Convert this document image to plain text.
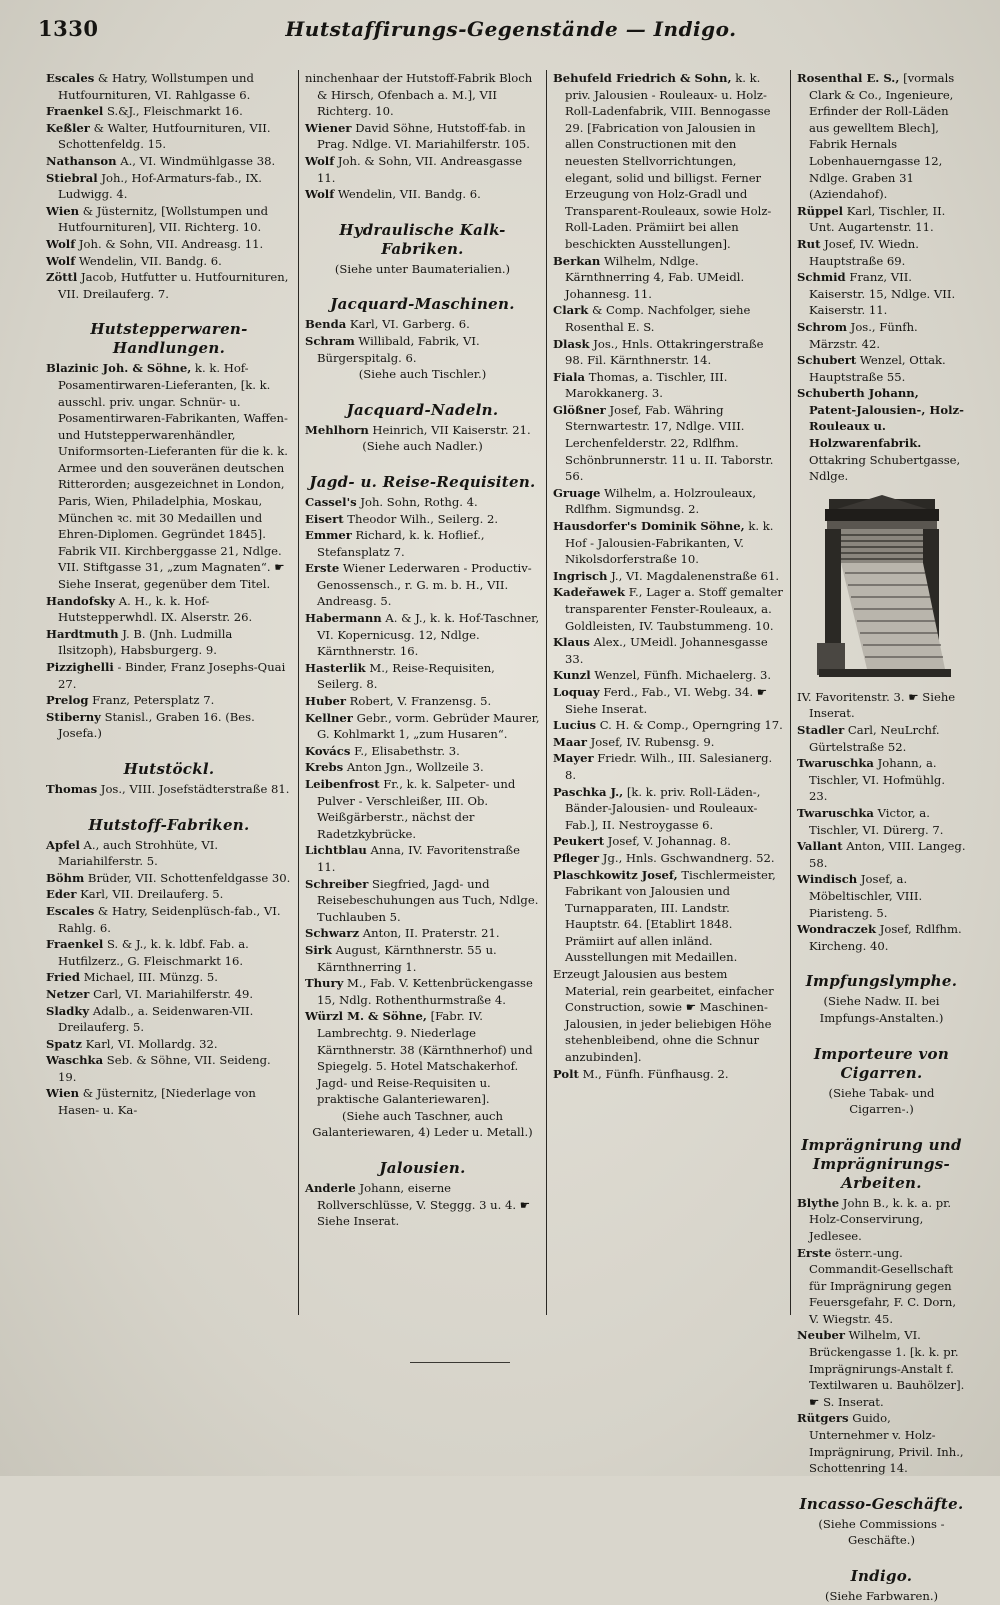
1330	Hutstaffirungs-Gegenstände — Indigo.

Escales & Hatry, Wollstumpen und Hutfournituren, VI. Rahlgasse 6.

Fraenkel S.&J., Fleischmarkt 16.

Keßler & Walter, Hutfournituren, VII. Schottenfeldg. 15.

Nathanson A., VI. Windmühlgasse 38.

Stiebral Joh., Hof-Armaturs-fab., IX. Ludwigg. 4.

Wien & Jüsternitz, [Wollstumpen und Hutfournituren], VII. Richterg. 10.

Wolf Joh. & Sohn, VII. Andreasg. 11.

Wolf Wendelin, VII. Bandg. 6.

Zöttl Jacob, Hutfutter u. Hutfournituren, VII. Dreilauferg. 7.

Hutstepperwaren-Handlungen.

Blazinic Joh. & Söhne, k. k. Hof-Posamentirwaren-Lieferanten, [k. k. ausschl. priv. ungar. Schnür- u. Posamentirwaren-Fabrikanten, Waffen- und Hutstepperwarenhändler, Uniformsorten-Lieferanten für die k. k. Armee und den souveränen deutschen Ritterorden; ausgezeichnet in London, Paris, Wien, Philadelphia, Moskau, München ꝛc. mit 30 Medaillen und Ehren-Diplomen. Gegründet 1845]. Fabrik VII. Kirchberggasse 21, Ndlge. VII. Stiftgasse 31, „zum Magnaten“. ☛ Siehe Inserat, gegenüber dem Titel.

Handofsky A. H., k. k. Hof-Hutstepperwhdl. IX. Alserstr. 26.

Hardtmuth J. B. (Jnh. Ludmilla Ilsitzoph), Habsburgerg. 9.

Pizzighelli - Binder, Franz Josephs-Quai 27.

Prelog Franz, Petersplatz 7.

Stiberny Stanisl., Graben 16. (Bes. Josefa.)

Hutstöckl.

Thomas Jos., VIII. Josefstädterstraße 81.

Hutstoff-Fabriken.

Apfel A., auch Strohhüte, VI. Mariahilferstr. 5.

Böhm Brüder, VII. Schottenfeldgasse 30.

Eder Karl, VII. Dreilauferg. 5.

Escales & Hatry, Seidenplüsch-fab., VI. Rahlg. 6.

Fraenkel S. & J., k. k. ldbf. Fab. a. Hutfilzerz., G. Fleischmarkt 16.

Fried Michael, III. Münzg. 5.

Netzer Carl, VI. Mariahilferstr. 49.

Sladky Adalb., a. Seidenwaren-VII. Dreilauferg. 5.

Spatz Karl, VI. Mollardg. 32.

Waschka Seb. & Söhne, VII. Seideng. 19.

Wien & Jüsternitz, [Niederlage von Hasen- u. Ka-

ninchenhaar der Hutstoff-Fabrik Bloch & Hirsch, Ofenbach a. M.], VII Richterg. 10.

Wiener David Söhne, Hutstoff-fab. in Prag. Ndlge. VI. Mariahilferstr. 105.

Wolf Joh. & Sohn, VII. Andreasgasse 11.

Wolf Wendelin, VII. Bandg. 6.

Hydraulische Kalk-Fabriken.
(Siehe unter Baumaterialien.)
Jacquard-Maschinen.

Benda Karl, VI. Garberg. 6.

Schram Willibald, Fabrik, VI. Bürgerspitalg. 6.

(Siehe auch Tischler.)
Jacquard-Nadeln.

Mehlhorn Heinrich, VII Kaiserstr. 21.

(Siehe auch Nadler.)
Jagd- u. Reise-Requisiten.

Cassel's Joh. Sohn, Rothg. 4.

Eisert Theodor Wilh., Seilerg. 2.

Emmer Richard, k. k. Hoflief., Stefansplatz 7.

Erste Wiener Lederwaren - Productiv-Genossensch., r. G. m. b. H., VII. Andreasg. 5.

Habermann A. & J., k. k. Hof-Taschner, VI. Kopernicusg. 12, Ndlge. Kärnthnerstr. 16.

Hasterlik M., Reise-Requisiten, Seilerg. 8.

Huber Robert, V. Franzensg. 5.

Kellner Gebr., vorm. Gebrüder Maurer, G. Kohlmarkt 1, „zum Husaren“.

Kovács F., Elisabethstr. 3.

Krebs Anton Jgn., Wollzeile 3.

Leibenfrost Fr., k. k. Salpeter- und Pulver - Verschleißer, III. Ob. Weißgärberstr., nächst der Radetzkybrücke.

Lichtblau Anna, IV. Favoritenstraße 11.

Schreiber Siegfried, Jagd- und Reisebeschuhungen aus Tuch, Ndlge. Tuchlauben 5.

Schwarz Anton, II. Praterstr. 21.

Sirk August, Kärnthnerstr. 55 u. Kärnthnerring 1.

Thury M., Fab. V. Kettenbrückengasse 15, Ndlg. Rothenthurmstraße 4.

Würzl M. & Söhne, [Fabr. IV. Lambrechtg. 9. Niederlage Kärnthnerstr. 38 (Kärnthnerhof) und Spiegelg. 5. Hotel Matschakerhof. Jagd- und Reise-Requisiten u. praktische Galanteriewaren].

(Siehe auch Taschner, auch Galanteriewaren, 4) Leder u. Metall.)
Jalousien.

Anderle Johann, eiserne Rollverschlüsse, V. Steggg. 3 u. 4. ☛ Siehe Inserat.

Behufeld Friedrich & Sohn, k. k. priv. Jalousien - Rouleaux- u. Holz-Roll-Ladenfabrik, VIII. Bennogasse 29. [Fabrication von Jalousien in allen Constructionen mit den neuesten Stellvorrichtungen, elegant, solid und billigst. Ferner Erzeugung von Holz-Gradl und Transparent-Rouleaux, sowie Holz-Roll-Laden. Prämiirt bei allen beschickten Ausstellungen].

Berkan Wilhelm, Ndlge. Kärnthnerring 4, Fab. UMeidl. Johannesg. 11.

Clark & Comp. Nachfolger, siehe Rosenthal E. S.

Dlask Jos., Hnls. Ottakringerstraße 98. Fil. Kärnthnerstr. 14.

Fiala Thomas, a. Tischler, III. Marokkanerg. 3.

Glößner Josef, Fab. Währing Sternwartestr. 17, Ndlge. VIII. Lerchenfelderstr. 22, Rdlfhm. Schönbrunnerstr. 11 u. II. Taborstr. 56.

Gruage Wilhelm, a. Holzrouleaux, Rdlfhm. Sigmundsg. 2.

Hausdorfer's Dominik Söhne, k. k. Hof - Jalousien-Fabrikanten, V. Nikolsdorferstraße 10.

Ingrisch J., VI. Magdalenenstraße 61.

Kadeřawek F., Lager a. Stoff gemalter transparenter Fenster-Rouleaux, a. Goldleisten, IV. Taubstummeng. 10.

Klaus Alex., UMeidl. Johannesgasse 33.

Kunzl Wenzel, Fünfh. Michaelerg. 3.

Loquay Ferd., Fab., VI. Webg. 34. ☛ Siehe Inserat.

Lucius C. H. & Comp., Operngring 17.

Maar Josef, IV. Rubensg. 9.

Mayer Friedr. Wilh., III. Salesianerg. 8.

Paschka J., [k. k. priv. Roll-Läden-, Bänder-Jalousien- und Rouleaux-Fab.], II. Nestroygasse 6.

Peukert Josef, V. Johannag. 8.

Pfleger Jg., Hnls. Gschwandnerg. 52.

Plaschkowitz Josef, Tischlermeister, Fabrikant von Jalousien und Turnapparaten, III. Landstr. Hauptstr. 64. [Etablirt 1848. Prämiirt auf allen inländ. Ausstellungen mit Medaillen.

Erzeugt Jalousien aus bestem Material, rein gearbeitet, einfacher Construction, sowie ☛ Maschinen-Jalousien, in jeder beliebigen Höhe stehenbleibend, ohne die Schnur anzubinden].

Polt M., Fünfh. Fünfhausg. 2.

Rosenthal E. S., [vormals Clark & Co., Ingenieure, Erfinder der Roll-Läden aus gewelltem Blech], Fabrik Hernals Lobenhauerngasse 12, Ndlge. Graben 31 (Aziendahof).

Rüppel Karl, Tischler, II. Unt. Augartenstr. 11.

Rut Josef, IV. Wiedn. Hauptstraße 69.

Schmid Franz, VII. Kaiserstr. 15, Ndlge. VII. Kaiserstr. 11.

Schrom Jos., Fünfh. Märzstr. 42.

Schubert Wenzel, Ottak. Hauptstraße 55.

Schuberth Johann, Patent-Jalousien-, Holz-Rouleaux u. Holzwarenfabrik. Ottakring Schubertgasse, Ndlge.

IV. Favoritenstr. 3. ☛ Siehe Inserat.

Stadler Carl, NeuLrchf. Gürtelstraße 52.

Twaruschka Johann, a. Tischler, VI. Hofmühlg. 23.

Twaruschka Victor, a. Tischler, VI. Dürerg. 7.

Vallant Anton, VIII. Langeg. 58.

Windisch Josef, a. Möbeltischler, VIII. Piaristeng. 5.

Wondraczek Josef, Rdlfhm. Kircheng. 40.

Impfungslymphe.
(Siehe Nadw. II. bei Impfungs-Anstalten.)
Importeure von Cigarren.
(Siehe Tabak- und Cigarren-.)
Imprägnirung und Imprägnirungs-Arbeiten.

Blythe John B., k. k. a. pr. Holz-Conservirung, Jedlesee.

Erste österr.-ung. Commandit-Gesellschaft für Imprägnirung gegen Feuersgefahr, F. C. Dorn, V. Wiegstr. 45.

Neuber Wilhelm, VI. Brückengasse 1. [k. k. pr. Imprägnirungs-Anstalt f. Textilwaren u. Bauhölzer]. ☛ S. Inserat.

Rütgers Guido, Unternehmer v. Holz-Imprägnirung, Privil. Inh., Schottenring 14.

Incasso-Geschäfte.
(Siehe Commissions - Geschäfte.)
Indigo.
(Siehe Farbwaren.)
